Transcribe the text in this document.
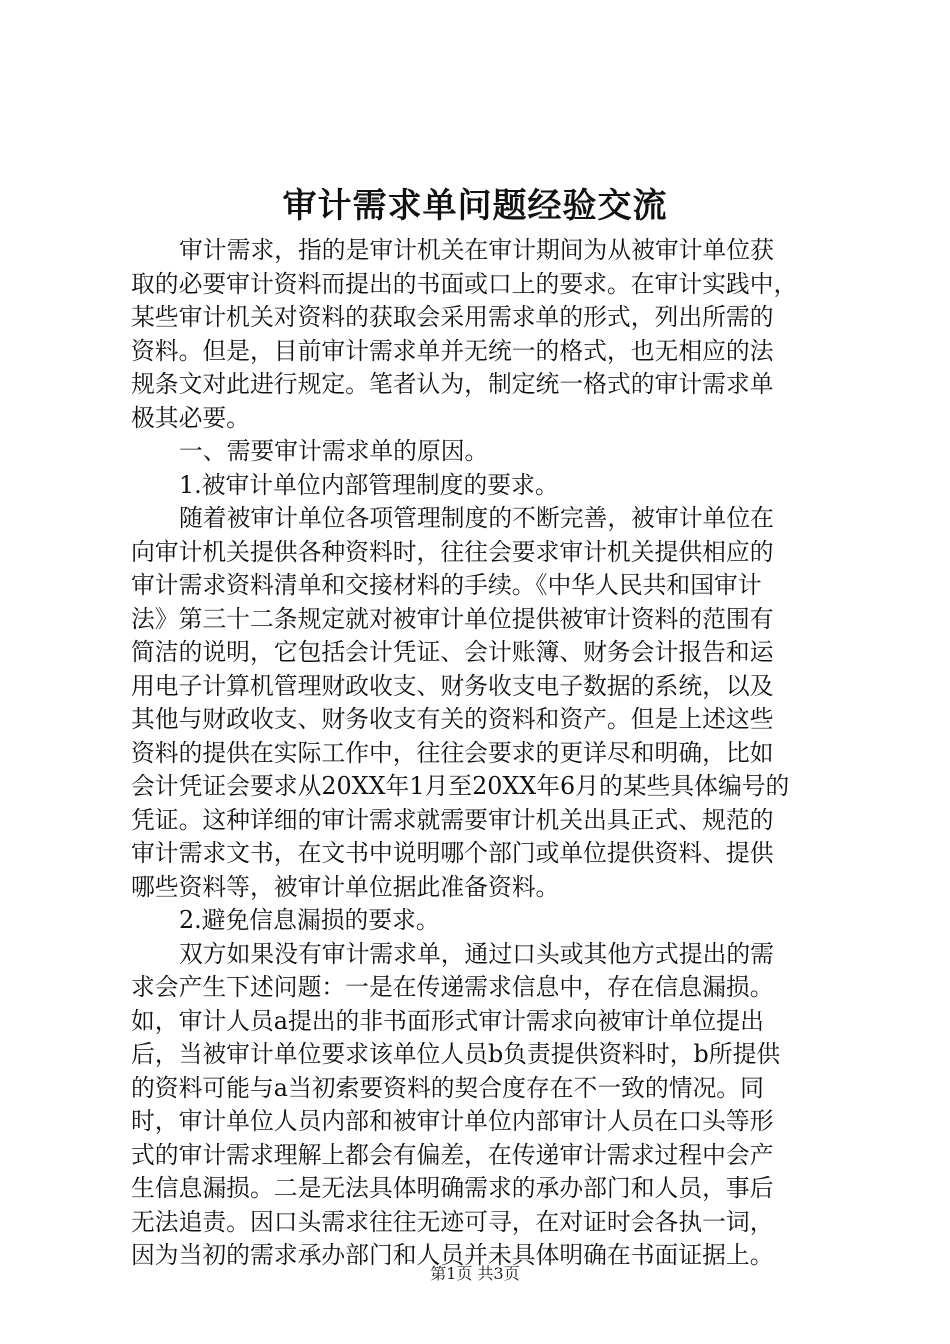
审计需求单问题经验交流
审计需求，指的是审计机关在审计期间为从被审计单位获
取的必要审计资料而提出的书面或口上的要求。在审计实践中，
某些审计机关对资料的获取会采用需求单的形式，列出所需的
资料。但是，目前审计需求单并无统一的格式，也无相应的法
规条文对此进行规定。笔者认为，制定统一格式的审计需求单
极其必要。
一、需要审计需求单的原因。
1.被审计单位内部管理制度的要求。
随着被审计单位各项管理制度的不断完善，被审计单位在
向审计机关提供各种资料时，往往会要求审计机关提供相应的
审计需求资料清单和交接材料的手续。《中华人民共和国审计
法》第三十二条规定就对被审计单位提供被审计资料的范围有
简洁的说明，它包括会计凭证、会计账簿、财务会计报告和运
用电子计算机管理财政收支、财务收支电子数据的系统，以及
其他与财政收支、财务收支有关的资料和资产。但是上述这些
资料的提供在实际工作中，往往会要求的更详尽和明确，比如
会计凭证会要求从20XX年1月至20XX年6月的某些具体编号的
凭证。这种详细的审计需求就需要审计机关出具正式、规范的
审计需求文书，在文书中说明哪个部门或单位提供资料、提供
哪些资料等，被审计单位据此准备资料。
2.避免信息漏损的要求。
双方如果没有审计需求单，通过口头或其他方式提出的需
求会产生下述问题：一是在传递需求信息中，存在信息漏损。
如，审计人员a提出的非书面形式审计需求向被审计单位提出
后，当被审计单位要求该单位人员b负责提供资料时，b所提供
的资料可能与a当初索要资料的契合度存在不一致的情况。同
时，审计单位人员内部和被审计单位内部审计人员在口头等形
式的审计需求理解上都会有偏差，在传递审计需求过程中会产
生信息漏损。二是无法具体明确需求的承办部门和人员，事后
无法追责。因口头需求往往无迹可寻，在对证时会各执一词，
因为当初的需求承办部门和人员并未具体明确在书面证据上。
第1页 共3页
